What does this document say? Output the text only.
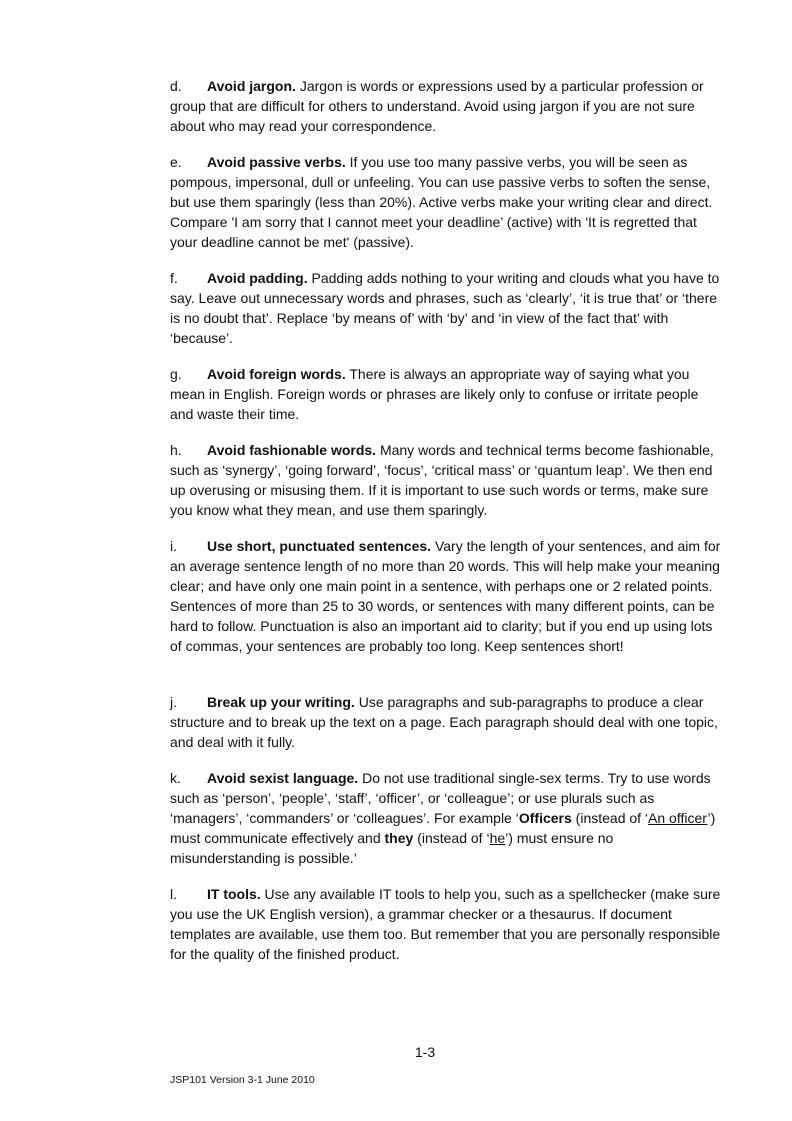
d. Avoid jargon. Jargon is words or expressions used by a particular profession or group that are difficult for others to understand. Avoid using jargon if you are not sure about who may read your correspondence.

e. Avoid passive verbs. If you use too many passive verbs, you will be seen as pompous, impersonal, dull or unfeeling. You can use passive verbs to soften the sense, but use them sparingly (less than 20%). Active verbs make your writing clear and direct. Compare 'I am sorry that I cannot meet your deadline’ (active) with 'It is regretted that your deadline cannot be met' (passive).

f. Avoid padding. Padding adds nothing to your writing and clouds what you have to say. Leave out unnecessary words and phrases, such as ‘clearly’, ‘it is true that’ or ‘there is no doubt that’. Replace ‘by means of’ with ‘by’ and ‘in view of the fact that’ with ‘because’.

g. Avoid foreign words. There is always an appropriate way of saying what you mean in English. Foreign words or phrases are likely only to confuse or irritate people and waste their time.

h. Avoid fashionable words. Many words and technical terms become fashionable, such as ‘synergy’, ‘going forward’, ‘focus’, ‘critical mass’ or ‘quantum leap’. We then end up overusing or misusing them. If it is important to use such words or terms, make sure you know what they mean, and use them sparingly.

i. Use short, punctuated sentences. Vary the length of your sentences, and aim for an average sentence length of no more than 20 words. This will help make your meaning clear; and have only one main point in a sentence, with perhaps one or 2 related points. Sentences of more than 25 to 30 words, or sentences with many different points, can be hard to follow. Punctuation is also an important aid to clarity; but if you end up using lots of commas, your sentences are probably too long. Keep sentences short!

j. Break up your writing. Use paragraphs and sub-paragraphs to produce a clear structure and to break up the text on a page. Each paragraph should deal with one topic, and deal with it fully.

k. Avoid sexist language. Do not use traditional single-sex terms. Try to use words such as ‘person’, ‘people’, ‘staff’, ‘officer’, or ‘colleague’; or use plurals such as ‘managers’, ‘commanders’ or ‘colleagues’. For example ‘Officers (instead of ‘An officer’) must communicate effectively and they (instead of ‘he’) must ensure no misunderstanding is possible.’

l. IT tools. Use any available IT tools to help you, such as a spellchecker (make sure you use the UK English version), a grammar checker or a thesaurus. If document templates are available, use them too. But remember that you are personally responsible for the quality of the finished product.

1-3
JSP101 Version 3-1 June 2010
